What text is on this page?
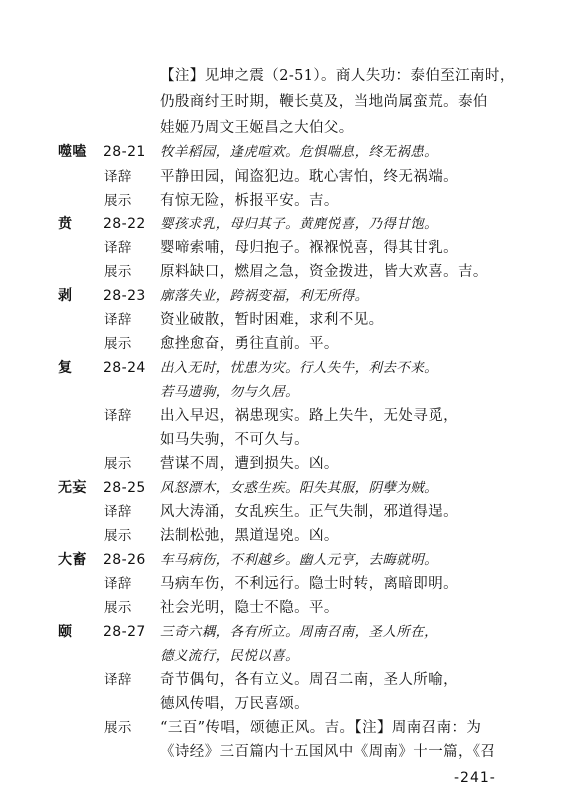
【注】见坤之震（2-51）。商人失功：泰伯至江南时，
仍殷商纣王时期，鞭长莫及，当地尚属蛮荒。泰伯
娃姬乃周文王姬昌之大伯父。
噬嗑 28-21 牧羊稻园，逢虎喧欢。危惧喘息，终无祸患。
译辞 平静田园，闻盗犯边。耽心害怕，终无祸端。
展示 有惊无险，柝报平安。吉。
贲 28-22 婴孩求乳，母归其子。黄麂悦喜，乃得甘饱。
译辞 婴啼索哺，母归抱子。褓褓悦喜，得其甘乳。
展示 原料缺口，燃眉之急，资金拨进，皆大欢喜。吉。
剥 28-23 廓落失业，跨祸变福，利无所得。
译辞 资业破散，暂时困难，求利不见。
展示 愈挫愈奋，勇往直前。平。
复 28-24 出入无时，忧患为灾。行人失牛，利去不来。
若马遗驹，勿与久居。
译辞 出入早迟，祸患现实。路上失牛，无处寻觅，
如马失驹，不可久与。
展示 营谋不周，遭到损失。凶。
无妄 28-25 风怒漂木，女惑生疾。阳失其服，阴孽为贼。
译辞 风大涛涌，女乱疾生。正气失制，邪道得逞。
展示 法制松弛，黑道逞兇。凶。
大畜 28-26 车马病伤，不利越乡。幽人元亨，去晦就明。
译辞 马病车伤，不利远行。隐士时转，离暗即明。
展示 社会光明，隐士不隐。平。
颐 28-27 三奇六耦，各有所立。周南召南，圣人所在，
德义流行，民悦以喜。
译辞 奇节偶句，各有立义。周召二南，圣人所喻，
德风传唱，万民喜颂。
展示 “三百”传唱，颂德正风。吉。【注】周南召南：为
《诗经》三百篇内十五国风中《周南》十一篇，《召
-241-
